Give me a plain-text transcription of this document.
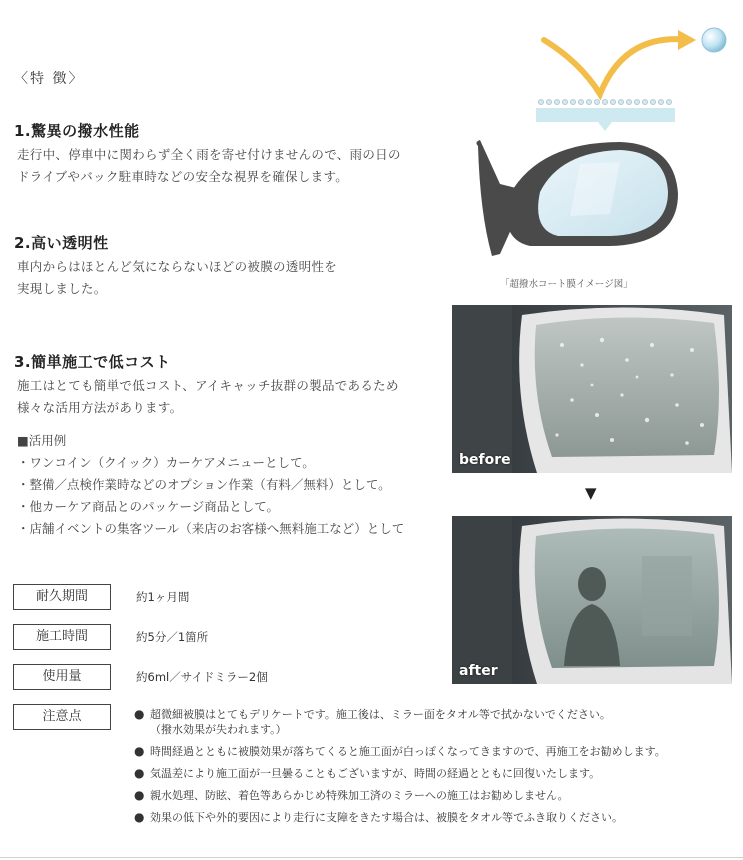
〈特 徴〉
1.驚異の撥水性能
走行中、停車中に関わらず全く雨を寄せ付けませんので、雨の日の
ドライブやバック駐車時などの安全な視界を確保します。
2.高い透明性
車内からはほとんど気にならないほどの被膜の透明性を
実現しました。
3.簡単施工で低コスト
施工はとても簡単で低コスト、アイキャッチ抜群の製品であるため
様々な活用方法があります。
■活用例
・ワンコイン（クイック）カーケアメニューとして。
・整備／点検作業時などのオプション作業（有料／無料）として。
・他カーケア商品とのパッケージ商品として。
・店舗イベントの集客ツール（来店のお客様へ無料施工など）として
「超撥水コート膜イメージ図」
before
▼
after
耐久期間	約1ヶ月間
施工時間	約5分／1箇所
使用量	約6ml／サイドミラー2個
注意点	● 超微細被膜はとてもデリケートです。施工後は、ミラー面をタオル等で拭かないでください。
（撥水効果が失われます。）
● 時間経過とともに被膜効果が落ちてくると施工面が白っぽくなってきますので、再施工をお勧めします。
● 気温差により施工面が一旦曇ることもございますが、時間の経過とともに回復いたします。
● 親水処理、防眩、着色等あらかじめ特殊加工済のミラーへの施工はお勧めしません。
● 効果の低下や外的要因により走行に支障をきたす場合は、被膜をタオル等でふき取りください。
